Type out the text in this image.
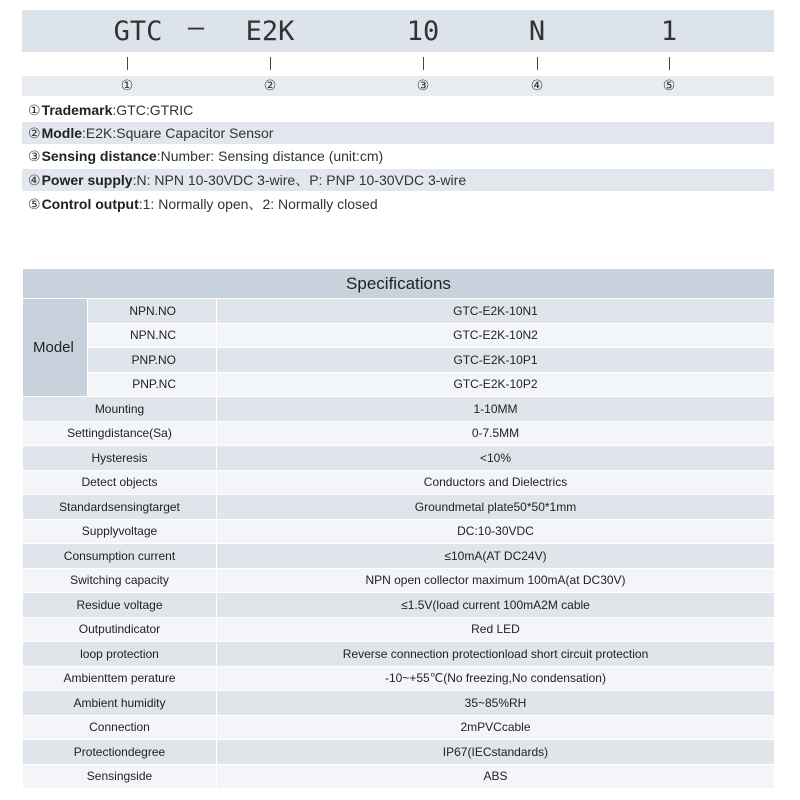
GTC – E2K	10	N	1
①	②	③	④	⑤
①Trademark:GTC:GTRIC
②Modle:E2K:Square Capacitor Sensor
③Sensing distance:Number: Sensing distance (unit:cm)
④Power supply:N: NPN 10-30VDC 3-wire、P: PNP 10-30VDC 3-wire
⑤Control output:1: Normally open、2: Normally closed
Specifications		
Model	NPN.NO	GTC-E2K-10N1
	NPN.NC	GTC-E2K-10N2
	PNP.NO	GTC-E2K-10P1
	PNP.NC	GTC-E2K-10P2
Mounting		1-10MM
Settingdistance(Sa)		0-7.5MM
Hysteresis		<10%
Detect objects		Conductors and Dielectrics
Standardsensingtarget		Groundmetal plate50*50*1mm
Supplyvoltage		DC:10-30VDC
Consumption current		≤10mA(AT DC24V)
Switching capacity		NPN open collector maximum 100mA(at DC30V)
Residue voltage		≤1.5V(load current 100mA2M cable
Outputindicator		Red LED
loop protection		Reverse connection protectionload short circuit protection
Ambienttem perature		-10~+55℃(No freezing,No condensation)
Ambient humidity		35~85%RH
Connection		2mPVCcable
Protectiondegree		IP67(IECstandards)
Sensingside		ABS
